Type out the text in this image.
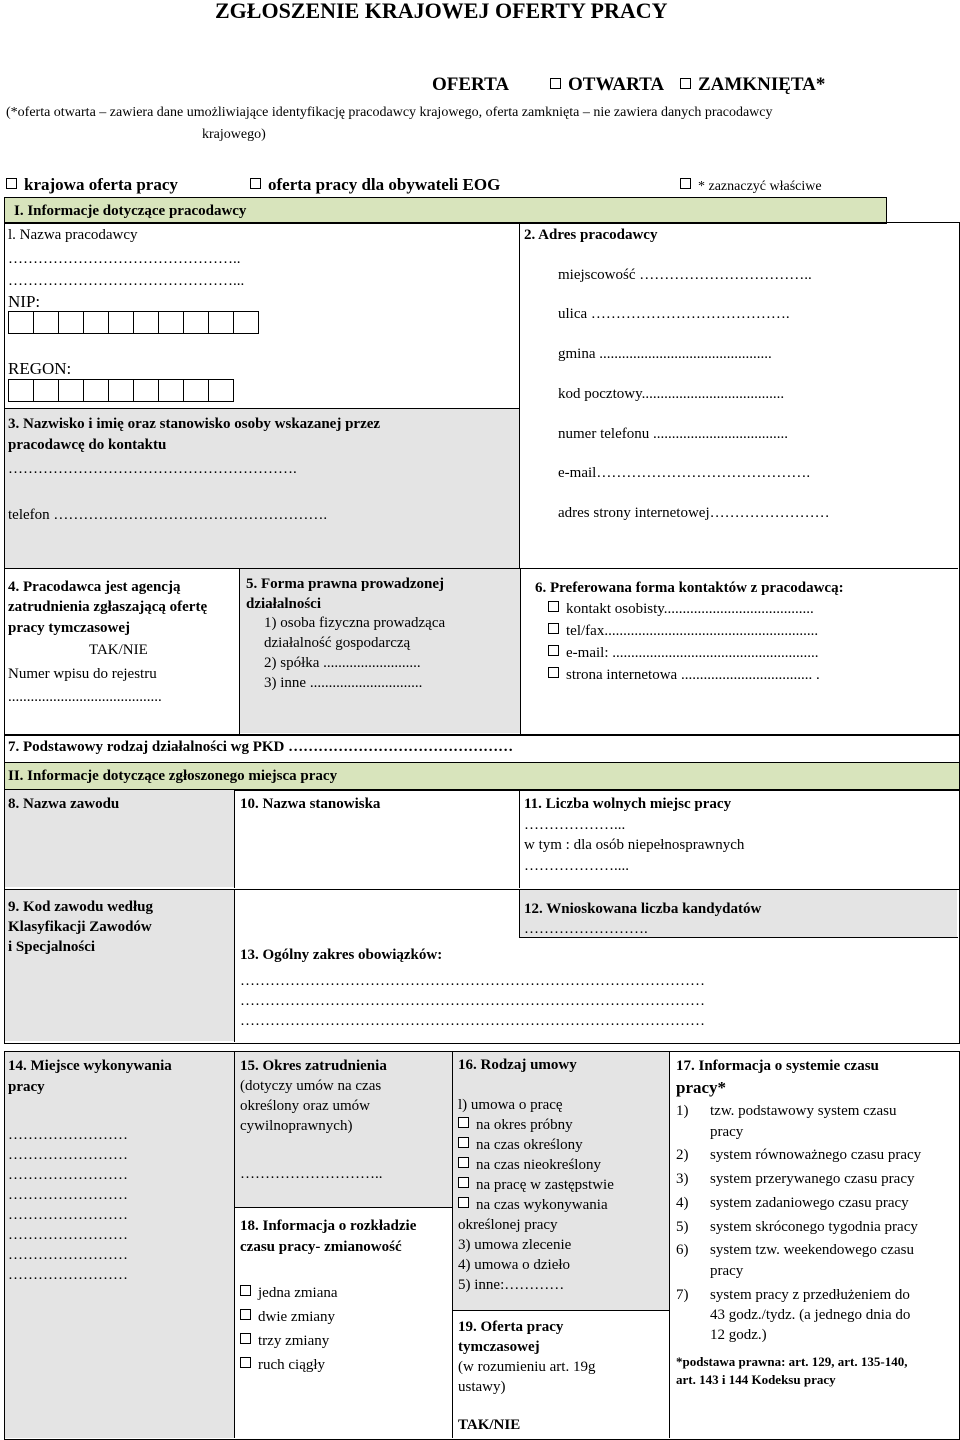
ZGŁOSZENIE KRAJOWEJ OFERTY PRACY
OFERTA	OTWARTA	ZAMKNIĘTA*
(*oferta otwarta – zawiera dane umożliwiające identyfikację pracodawcy krajowego, oferta zamknięta – nie zawiera danych pracodawcy
krajowego)
krajowa oferta pracy	oferta pracy dla obywateli EOG	* zaznaczyć właściwe
I. Informacje dotyczące pracodawcy
l. Nazwa pracodawcy
………………………………………..
………………………………………...
NIP:
REGON:
3. Nazwisko i imię oraz stanowisko osoby wskazanej przez
pracodawcę do kontaktu
………………………………………………….
telefon ……………………………………………….
2. Adres pracodawcy
miejscowość ……………………………..
ulica ………………………………….
gmina ..............................................
kod pocztowy......................................
numer telefonu ....................................
e-mail…………………………………….
adres strony internetowej……………………
4. Pracodawca jest agencją
zatrudnienia zgłaszającą ofertę
pracy tymczasowej
TAK/NIE
Numer wpisu do rejestru
.........................................
5. Forma prawna prowadzonej
działalności
1) osoba fizyczna prowadząca
działalność gospodarczą
2) spółka ..........................
3) inne ..............................
6. Preferowana forma kontaktów z pracodawcą:
kontakt osobisty........................................
tel/fax.........................................................
e-mail: .......................................................
strona internetowa ................................... .
7. Podstawowy rodzaj działalności wg PKD ………………………………………
II. Informacje dotyczące zgłoszonego miejsca pracy
8. Nazwa zawodu	10. Nazwa stanowiska	11. Liczba wolnych miejsc pracy
………………...
w tym : dla osób niepełnosprawnych
………………....
9. Kod zawodu według
Klasyfikacji Zawodów
i Specjalności
12. Wnioskowana liczba kandydatów
…………………….
13. Ogólny zakres obowiązków:
…………………………………………………………………………………
…………………………………………………………………………………
…………………………………………………………………………………
14. Miejsce wykonywania
pracy
……………………
……………………
……………………
……………………
……………………
……………………
……………………
……………………
15. Okres zatrudnienia
(dotyczy umów na czas
określony oraz umów
cywilnoprawnych)
………………………..
18. Informacja o rozkładzie
czasu pracy- zmianowość
jedna zmiana
dwie zmiany
trzy zmiany
ruch ciągły
16. Rodzaj umowy
l) umowa o pracę
na okres próbny
na czas określony
na czas nieokreślony
na pracę w zastępstwie
na czas wykonywania
określonej pracy
3) umowa zlecenie
4) umowa o dzieło
5) inne:…………
19. Oferta pracy
tymczasowej
(w rozumieniu art. 19g
ustawy)
TAK/NIE
17. Informacja o systemie czasu
pracy*
1) tzw. podstawowy system czasu
pracy
2) system równoważnego czasu pracy
3) system przerywanego czasu pracy
4) system zadaniowego czasu pracy
5) system skróconego tygodnia pracy
6) system tzw. weekendowego czasu
pracy
7) system pracy z przedłużeniem do
43 godz./tydz. (a jednego dnia do
12 godz.)
*podstawa prawna: art. 129, art. 135-140,
art. 143 i 144 Kodeksu pracy
